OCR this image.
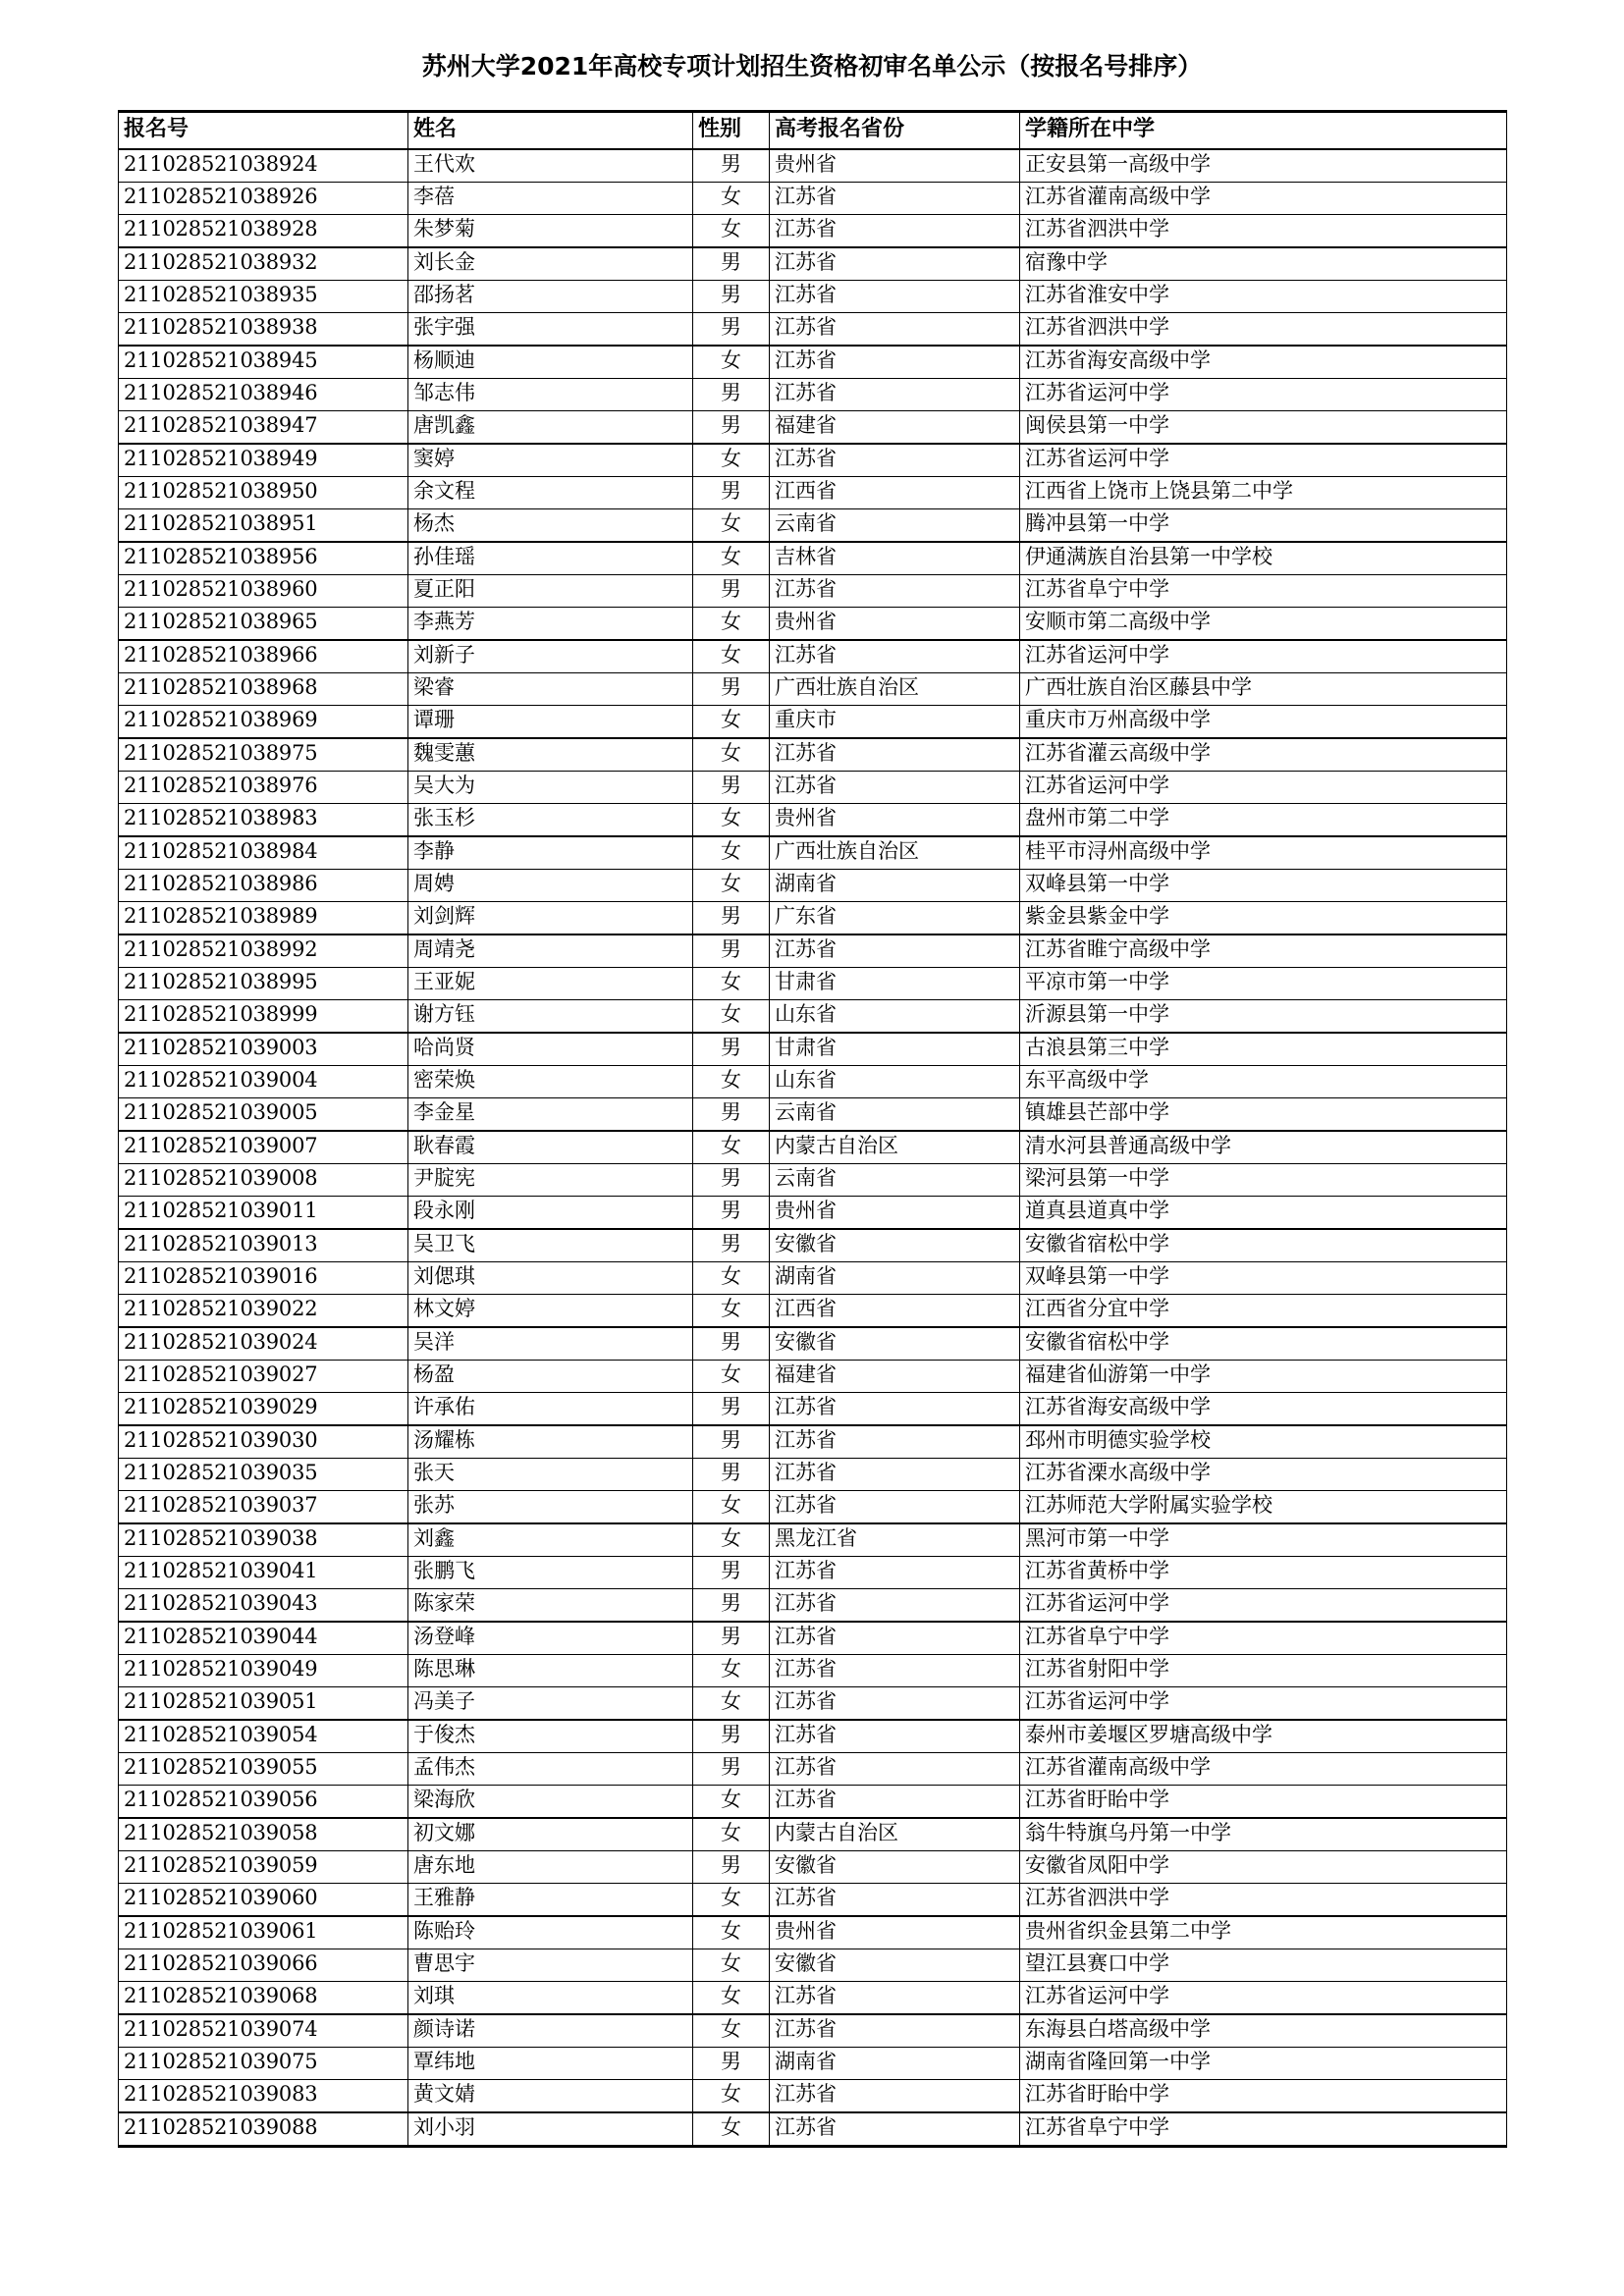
苏州大学2021年高校专项计划招生资格初审名单公示（按报名号排序）
报名号	姓名	性别	高考报名省份	学籍所在中学
211028521038924	王代欢	男	贵州省	正安县第一高级中学
211028521038926	李蓓	女	江苏省	江苏省灌南高级中学
211028521038928	朱梦菊	女	江苏省	江苏省泗洪中学
211028521038932	刘长金	男	江苏省	宿豫中学
211028521038935	邵扬茗	男	江苏省	江苏省淮安中学
211028521038938	张宇强	男	江苏省	江苏省泗洪中学
211028521038945	杨顺迪	女	江苏省	江苏省海安高级中学
211028521038946	邹志伟	男	江苏省	江苏省运河中学
211028521038947	唐凯鑫	男	福建省	闽侯县第一中学
211028521038949	窦婷	女	江苏省	江苏省运河中学
211028521038950	余文程	男	江西省	江西省上饶市上饶县第二中学
211028521038951	杨杰	女	云南省	腾冲县第一中学
211028521038956	孙佳瑶	女	吉林省	伊通满族自治县第一中学校
211028521038960	夏正阳	男	江苏省	江苏省阜宁中学
211028521038965	李燕芳	女	贵州省	安顺市第二高级中学
211028521038966	刘新子	女	江苏省	江苏省运河中学
211028521038968	梁睿	男	广西壮族自治区	广西壮族自治区藤县中学
211028521038969	谭珊	女	重庆市	重庆市万州高级中学
211028521038975	魏雯蕙	女	江苏省	江苏省灌云高级中学
211028521038976	吴大为	男	江苏省	江苏省运河中学
211028521038983	张玉杉	女	贵州省	盘州市第二中学
211028521038984	李静	女	广西壮族自治区	桂平市浔州高级中学
211028521038986	周娉	女	湖南省	双峰县第一中学
211028521038989	刘剑辉	男	广东省	紫金县紫金中学
211028521038992	周靖尧	男	江苏省	江苏省睢宁高级中学
211028521038995	王亚妮	女	甘肃省	平凉市第一中学
211028521038999	谢方钰	女	山东省	沂源县第一中学
211028521039003	哈尚贤	男	甘肃省	古浪县第三中学
211028521039004	密荣焕	女	山东省	东平高级中学
211028521039005	李金星	男	云南省	镇雄县芒部中学
211028521039007	耿春霞	女	内蒙古自治区	清水河县普通高级中学
211028521039008	尹腚宪	男	云南省	梁河县第一中学
211028521039011	段永刚	男	贵州省	道真县道真中学
211028521039013	吴卫飞	男	安徽省	安徽省宿松中学
211028521039016	刘偲琪	女	湖南省	双峰县第一中学
211028521039022	林文婷	女	江西省	江西省分宜中学
211028521039024	吴洋	男	安徽省	安徽省宿松中学
211028521039027	杨盈	女	福建省	福建省仙游第一中学
211028521039029	许承佑	男	江苏省	江苏省海安高级中学
211028521039030	汤耀栋	男	江苏省	邳州市明德实验学校
211028521039035	张天	男	江苏省	江苏省溧水高级中学
211028521039037	张苏	女	江苏省	江苏师范大学附属实验学校
211028521039038	刘鑫	女	黑龙江省	黑河市第一中学
211028521039041	张鹏飞	男	江苏省	江苏省黄桥中学
211028521039043	陈家荣	男	江苏省	江苏省运河中学
211028521039044	汤登峰	男	江苏省	江苏省阜宁中学
211028521039049	陈思琳	女	江苏省	江苏省射阳中学
211028521039051	冯美子	女	江苏省	江苏省运河中学
211028521039054	于俊杰	男	江苏省	泰州市姜堰区罗塘高级中学
211028521039055	孟伟杰	男	江苏省	江苏省灌南高级中学
211028521039056	梁海欣	女	江苏省	江苏省盱眙中学
211028521039058	初文娜	女	内蒙古自治区	翁牛特旗乌丹第一中学
211028521039059	唐东地	男	安徽省	安徽省凤阳中学
211028521039060	王雅静	女	江苏省	江苏省泗洪中学
211028521039061	陈贻玲	女	贵州省	贵州省织金县第二中学
211028521039066	曹思宇	女	安徽省	望江县赛口中学
211028521039068	刘琪	女	江苏省	江苏省运河中学
211028521039074	颜诗诺	女	江苏省	东海县白塔高级中学
211028521039075	覃纬地	男	湖南省	湖南省隆回第一中学
211028521039083	黄文婧	女	江苏省	江苏省盱眙中学
211028521039088	刘小羽	女	江苏省	江苏省阜宁中学
